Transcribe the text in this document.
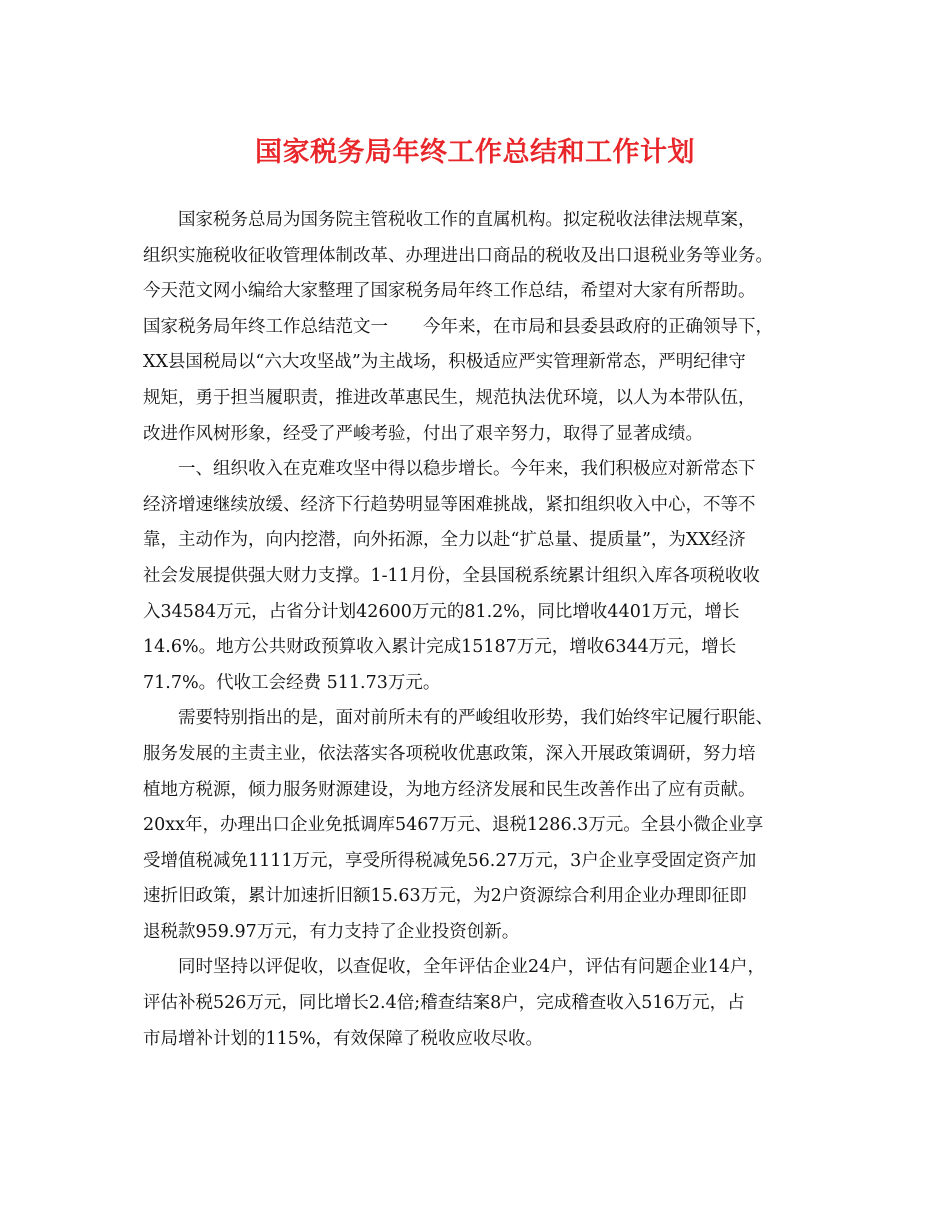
国家税务局年终工作总结和工作计划
国家税务总局为国务院主管税收工作的直属机构。拟定税收法律法规草案，
组织实施税收征收管理体制改革、办理进出口商品的税收及出口退税业务等业务。
今天范文网小编给大家整理了国家税务局年终工作总结，希望对大家有所帮助。
国家税务局年终工作总结范文一　　今年来，在市局和县委县政府的正确领导下，
XX县国税局以“六大攻坚战”为主战场，积极适应严实管理新常态，严明纪律守
规矩，勇于担当履职责，推进改革惠民生，规范执法优环境，以人为本带队伍，
改进作风树形象，经受了严峻考验，付出了艰辛努力，取得了显著成绩。
一、组织收入在克难攻坚中得以稳步增长。今年来，我们积极应对新常态下
经济增速继续放缓、经济下行趋势明显等困难挑战，紧扣组织收入中心，不等不
靠，主动作为，向内挖潜，向外拓源，全力以赴“扩总量、提质量”，为XX经济
社会发展提供强大财力支撑。1-11月份，全县国税系统累计组织入库各项税收收
入34584万元，占省分计划42600万元的81.2%，同比增收4401万元，增长
14.6%。地方公共财政预算收入累计完成15187万元，增收6344万元，增长
71.7%。代收工会经费 511.73万元。
需要特别指出的是，面对前所未有的严峻组收形势，我们始终牢记履行职能、
服务发展的主责主业，依法落实各项税收优惠政策，深入开展政策调研，努力培
植地方税源，倾力服务财源建设，为地方经济发展和民生改善作出了应有贡献。
20xx年，办理出口企业免抵调库5467万元、退税1286.3万元。全县小微企业享
受增值税减免1111万元，享受所得税减免56.27万元，3户企业享受固定资产加
速折旧政策，累计加速折旧额15.63万元，为2户资源综合利用企业办理即征即
退税款959.97万元，有力支持了企业投资创新。
同时坚持以评促收，以查促收，全年评估企业24户，评估有问题企业14户，
评估补税526万元，同比增长2.4倍;稽查结案8户，完成稽查收入516万元，占
市局增补计划的115%，有效保障了税收应收尽收。
